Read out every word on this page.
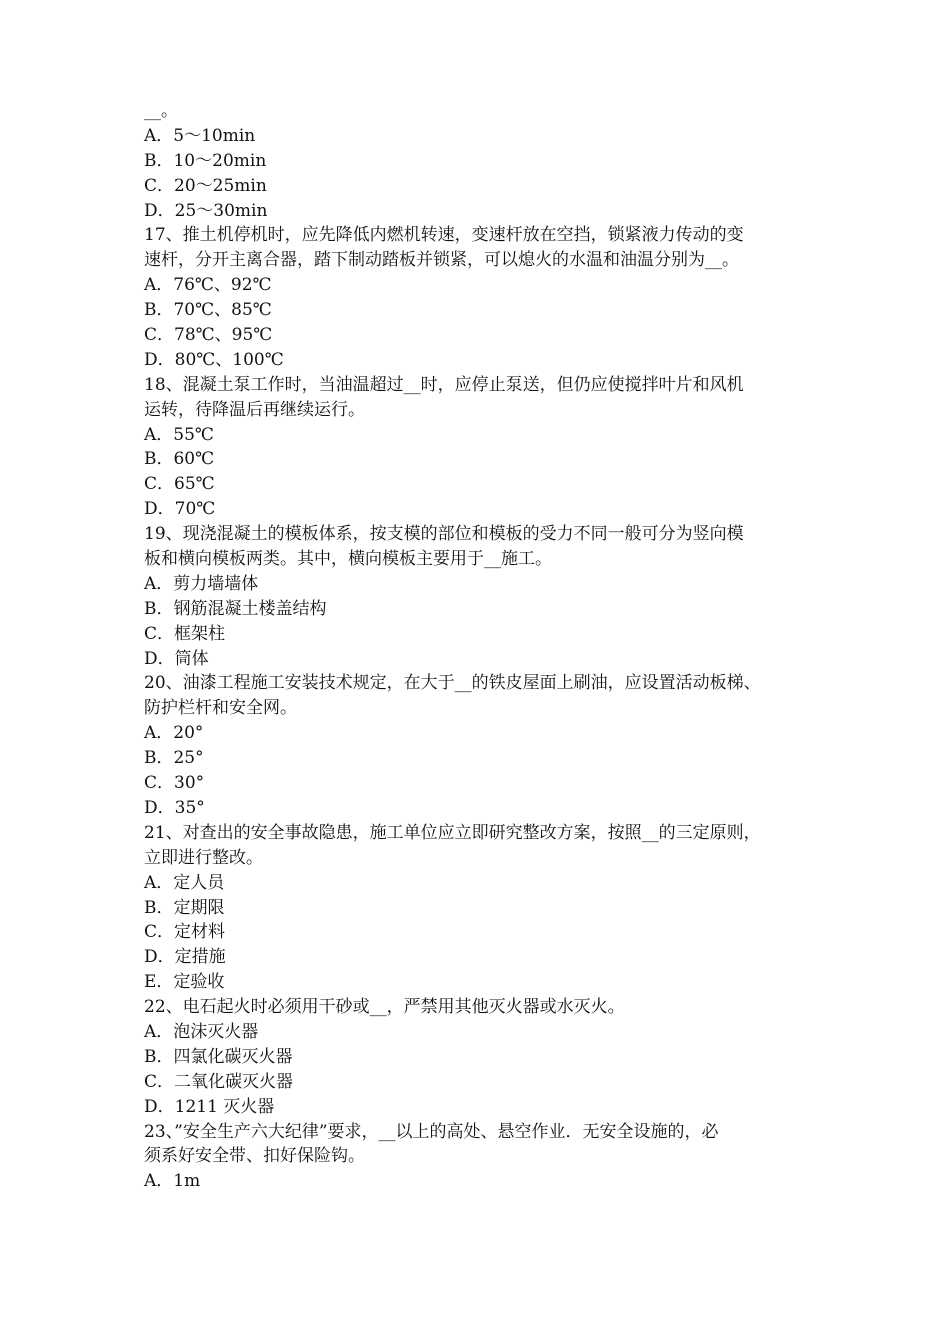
__。
A．5～10min
B．10～20min
C．20～25min
D．25～30min
17、推土机停机时，应先降低内燃机转速，变速杆放在空挡，锁紧液力传动的变
速杆，分开主离合器，踏下制动踏板并锁紧，可以熄火的水温和油温分别为__。
A．76℃、92℃
B．70℃、85℃
C．78℃、95℃
D．80℃、100℃
18、混凝土泵工作时，当油温超过__时，应停止泵送，但仍应使搅拌叶片和风机
运转，待降温后再继续运行。
A．55℃
B．60℃
C．65℃
D．70℃
19、现浇混凝土的模板体系，按支模的部位和模板的受力不同一般可分为竖向模
板和横向模板两类。其中，横向模板主要用于__施工。
A．剪力墙墙体
B．钢筋混凝土楼盖结构
C．框架柱
D．筒体
20、油漆工程施工安装技术规定，在大于__的铁皮屋面上刷油，应设置活动板梯、
防护栏杆和安全网。
A．20°
B．25°
C．30°
D．35°
21、对查出的安全事故隐患，施工单位应立即研究整改方案，按照__的三定原则，
立即进行整改。
A．定人员
B．定期限
C．定材料
D．定措施
E．定验收
22、电石起火时必须用干砂或__，严禁用其他灭火器或水灭火。
A．泡沫灭火器
B．四氯化碳灭火器
C．二氧化碳灭火器
D．1211 灭火器
23、”安全生产六大纪律”要求，__以上的高处、悬空作业．无安全设施的，必
须系好安全带、扣好保险钩。
A．1m
